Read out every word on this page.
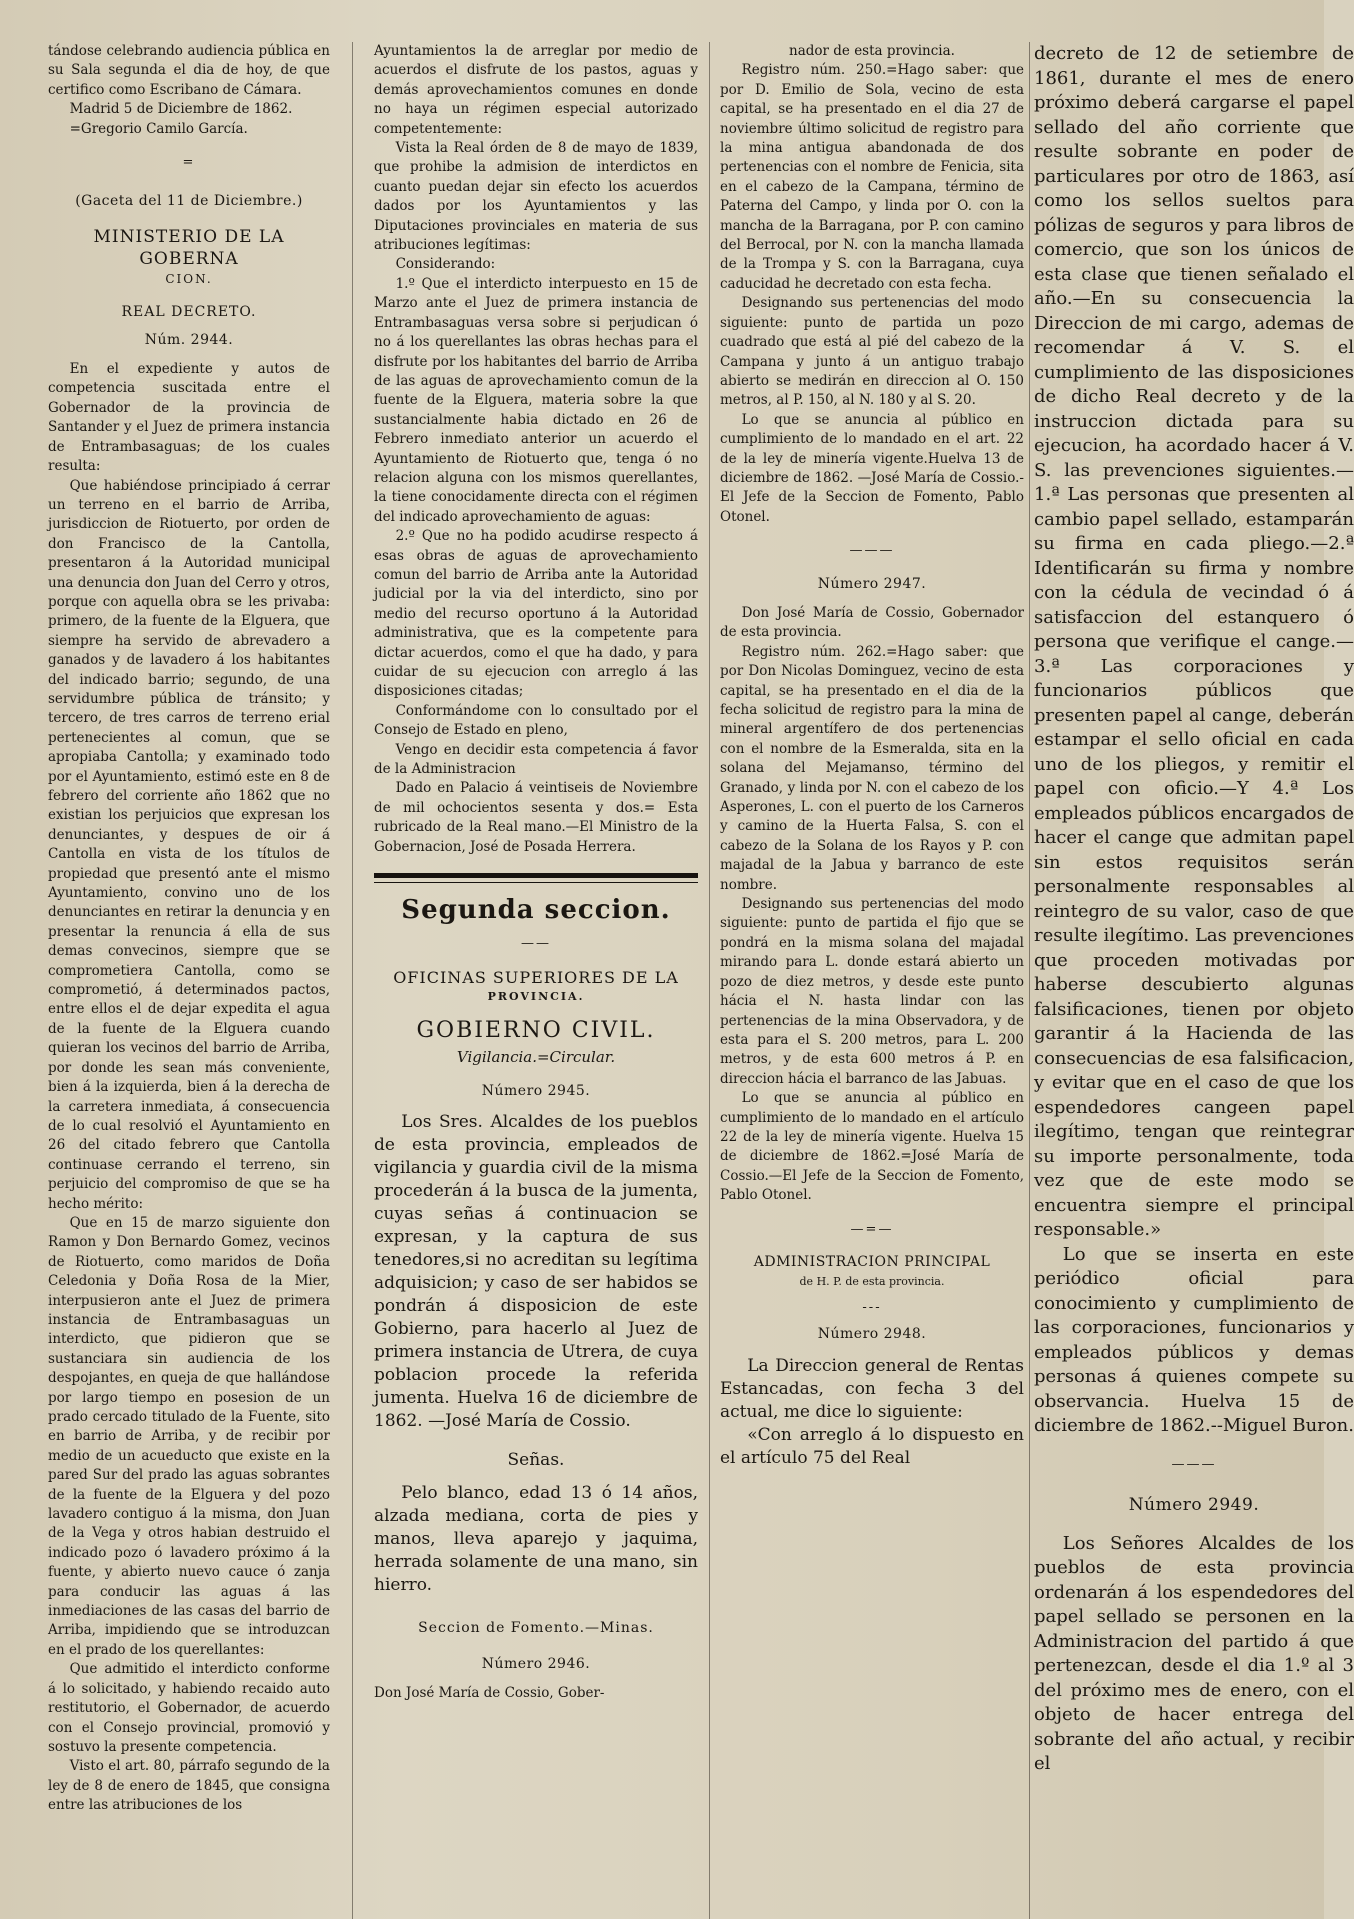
tándose celebrando audiencia pública en su Sala segunda el dia de hoy, de que certifico como Escribano de Cámara.

Madrid 5 de Diciembre de 1862.

=Gregorio Camilo García.

=
(Gaceta del 11 de Diciembre.)
MINISTERIO DE LA GOBERNA
CION.
REAL DECRETO.
Núm. 2944.

En el expediente y autos de competencia suscitada entre el Gobernador de la provincia de Santander y el Juez de primera instancia de Entrambasaguas; de los cuales resulta:

Que habiéndose principiado á cerrar un terreno en el barrio de Arriba, jurisdiccion de Riotuerto, por orden de don Francisco de la Cantolla, presentaron á la Autoridad municipal una denuncia don Juan del Cerro y otros, porque con aquella obra se les privaba: primero, de la fuente de la Elguera, que siempre ha servido de abrevadero a ganados y de lavadero á los habitantes del indicado barrio; segundo, de una servidumbre pública de tránsito; y tercero, de tres carros de terreno erial pertenecientes al comun, que se apropiaba Cantolla; y examinado todo por el Ayuntamiento, estimó este en 8 de febrero del corriente año 1862 que no existian los perjuicios que expresan los denunciantes, y despues de oir á Cantolla en vista de los títulos de propiedad que presentó ante el mismo Ayuntamiento, convino uno de los denunciantes en retirar la denuncia y en presentar la renuncia á ella de sus demas convecinos, siempre que se comprometiera Cantolla, como se comprometió, á determinados pactos, entre ellos el de dejar expedita el agua de la fuente de la Elguera cuando quieran los vecinos del barrio de Arriba, por donde les sean más conveniente, bien á la izquierda, bien á la derecha de la carretera inmediata, á consecuencia de lo cual resolvió el Ayuntamiento en 26 del citado febrero que Cantolla continuase cerrando el terreno, sin perjuicio del compromiso de que se ha hecho mérito:

Que en 15 de marzo siguiente don Ramon y Don Bernardo Gomez, vecinos de Riotuerto, como maridos de Doña Celedonia y Doña Rosa de la Mier, interpusieron ante el Juez de primera instancia de Entrambasaguas un interdicto, que pidieron que se sustanciara sin audiencia de los despojantes, en queja de que hallándose por largo tiempo en posesion de un prado cercado titulado de la Fuente, sito en barrio de Arriba, y de recibir por medio de un acueducto que existe en la pared Sur del prado las aguas sobrantes de la fuente de la Elguera y del pozo lavadero contiguo á la misma, don Juan de la Vega y otros habian destruido el indicado pozo ó lavadero próximo á la fuente, y abierto nuevo cauce ó zanja para conducir las aguas á las inmediaciones de las casas del barrio de Arriba, impidiendo que se introduzcan en el prado de los querellantes:

Que admitido el interdicto conforme á lo solicitado, y habiendo recaido auto restitutorio, el Gobernador, de acuerdo con el Consejo provincial, promovió y sostuvo la presente competencia.

Visto el art. 80, párrafo segundo de la ley de 8 de enero de 1845, que consigna entre las atribuciones de los

Ayuntamientos la de arreglar por medio de acuerdos el disfrute de los pastos, aguas y demás aprovechamientos comunes en donde no haya un régimen especial autorizado competentemente:

Vista la Real órden de 8 de mayo de 1839, que prohibe la admision de interdictos en cuanto puedan dejar sin efecto los acuerdos dados por los Ayuntamientos y las Diputaciones provinciales en materia de sus atribuciones legítimas:

Considerando:

1.º Que el interdicto interpuesto en 15 de Marzo ante el Juez de primera instancia de Entrambasaguas versa sobre si perjudican ó no á los querellantes las obras hechas para el disfrute por los habitantes del barrio de Arriba de las aguas de aprovechamiento comun de la fuente de la Elguera, materia sobre la que sustancialmente habia dictado en 26 de Febrero inmediato anterior un acuerdo el Ayuntamiento de Riotuerto que, tenga ó no relacion alguna con los mismos querellantes, la tiene conocidamente directa con el régimen del indicado aprovechamiento de aguas:

2.º Que no ha podido acudirse respecto á esas obras de aguas de aprovechamiento comun del barrio de Arriba ante la Autoridad judicial por la via del interdicto, sino por medio del recurso oportuno á la Autoridad administrativa, que es la competente para dictar acuerdos, como el que ha dado, y para cuidar de su ejecucion con arreglo á las disposiciones citadas;

Conformándome con lo consultado por el Consejo de Estado en pleno,

Vengo en decidir esta competencia á favor de la Administracion

Dado en Palacio á veintiseis de Noviembre de mil ochocientos sesenta y dos.= Esta rubricado de la Real mano.—El Ministro de la Gobernacion, José de Posada Herrera.

Segunda seccion.
——
OFICINAS SUPERIORES DE LA
PROVINCIA.
GOBIERNO CIVIL.
Vigilancia.=Circular.
Número 2945.

Los Sres. Alcaldes de los pueblos de esta provincia, empleados de vigilancia y guardia civil de la misma procederán á la busca de la jumenta, cuyas señas á continuacion se expresan, y la captura de sus tenedores,si no acreditan su legítima adquisicion; y caso de ser habidos se pondrán á disposicion de este Gobierno, para hacerlo al Juez de primera instancia de Utrera, de cuya poblacion procede la referida jumenta. Huelva 16 de diciembre de 1862. —José María de Cossio.

Señas.

Pelo blanco, edad 13 ó 14 años, alzada mediana, corta de pies y manos, lleva aparejo y jaquima, herrada solamente de una mano, sin hierro.

Seccion de Fomento.—Minas.
Número 2946.

Don José María de Cossio, Gober-

nador de esta provincia.

Registro núm. 250.=Hago saber: que por D. Emilio de Sola, vecino de esta capital, se ha presentado en el dia 27 de noviembre último solicitud de registro para la mina antigua abandonada de dos pertenencias con el nombre de Fenicia, sita en el cabezo de la Campana, término de Paterna del Campo, y linda por O. con la mancha de la Barragana, por P. con camino del Berrocal, por N. con la mancha llamada de la Trompa y S. con la Barragana, cuya caducidad he decretado con esta fecha.

Designando sus pertenencias del modo siguiente: punto de partida un pozo cuadrado que está al pié del cabezo de la Campana y junto á un antiguo trabajo abierto se medirán en direccion al O. 150 metros, al P. 150, al N. 180 y al S. 20.

Lo que se anuncia al público en cumplimiento de lo mandado en el art. 22 de la ley de minería vigente.Huelva 13 de diciembre de 1862. —José María de Cossio.-El Jefe de la Seccion de Fomento, Pablo Otonel.

———
Número 2947.

Don José María de Cossio, Gobernador de esta provincia.

Registro núm. 262.=Hago saber: que por Don Nicolas Dominguez, vecino de esta capital, se ha presentado en el dia de la fecha solicitud de registro para la mina de mineral argentífero de dos pertenencias con el nombre de la Esmeralda, sita en la solana del Mejamanso, término del Granado, y linda por N. con el cabezo de los Asperones, L. con el puerto de los Carneros y camino de la Huerta Falsa, S. con el cabezo de la Solana de los Rayos y P. con majadal de la Jabua y barranco de este nombre.

Designando sus pertenencias del modo siguiente: punto de partida el fijo que se pondrá en la misma solana del majadal mirando para L. donde estará abierto un pozo de diez metros, y desde este punto hácia el N. hasta lindar con las pertenencias de la mina Observadora, y de esta para el S. 200 metros, para L. 200 metros, y de esta 600 metros á P. en direccion hácia el barranco de las Jabuas.

Lo que se anuncia al público en cumplimiento de lo mandado en el artículo 22 de la ley de minería vigente. Huelva 15 de diciembre de 1862.=José María de Cossio.—El Jefe de la Seccion de Fomento, Pablo Otonel.

—=—
ADMINISTRACION PRINCIPAL
de H. P. de esta provincia.
---
Número 2948.

La Direccion general de Rentas Estancadas, con fecha 3 del actual, me dice lo siguiente:

«Con arreglo á lo dispuesto en el artículo 75 del Real

decreto de 12 de setiembre de 1861, durante el mes de enero próximo deberá cargarse el papel sellado del año corriente que resulte sobrante en poder de particulares por otro de 1863, así como los sellos sueltos para pólizas de seguros y para libros de comercio, que son los únicos de esta clase que tienen señalado el año.—En su consecuencia la Direccion de mi cargo, ademas de recomendar á V. S. el cumplimiento de las disposiciones de dicho Real decreto y de la instruccion dictada para su ejecucion, ha acordado hacer á V. S. las prevenciones siguientes.—1.ª Las personas que presenten al cambio papel sellado, estamparán su firma en cada pliego.—2.ª Identificarán su firma y nombre con la cédula de vecindad ó á satisfaccion del estanquero ó persona que verifique el cange.—3.ª Las corporaciones y funcionarios públicos que presenten papel al cange, deberán estampar el sello oficial en cada uno de los pliegos, y remitir el papel con oficio.—Y 4.ª Los empleados públicos encargados de hacer el cange que admitan papel sin estos requisitos serán personalmente responsables al reintegro de su valor, caso de que resulte ilegítimo. Las prevenciones que proceden motivadas por haberse descubierto algunas falsificaciones, tienen por objeto garantir á la Hacienda de las consecuencias de esa falsificacion, y evitar que en el caso de que los espendedores cangeen papel ilegítimo, tengan que reintegrar su importe personalmente, toda vez que de este modo se encuentra siempre el principal responsable.»

Lo que se inserta en este periódico oficial para conocimiento y cumplimiento de las corporaciones, funcionarios y empleados públicos y demas personas á quienes compete su observancia. Huelva 15 de diciembre de 1862.--Miguel Buron.

———
Número 2949.

Los Señores Alcaldes de los pueblos de esta provincia ordenarán á los espendedores del papel sellado se personen en la Administracion del partido á que pertenezcan, desde el dia 1.º al 3 del próximo mes de enero, con el objeto de hacer entrega del sobrante del año actual, y recibir el
